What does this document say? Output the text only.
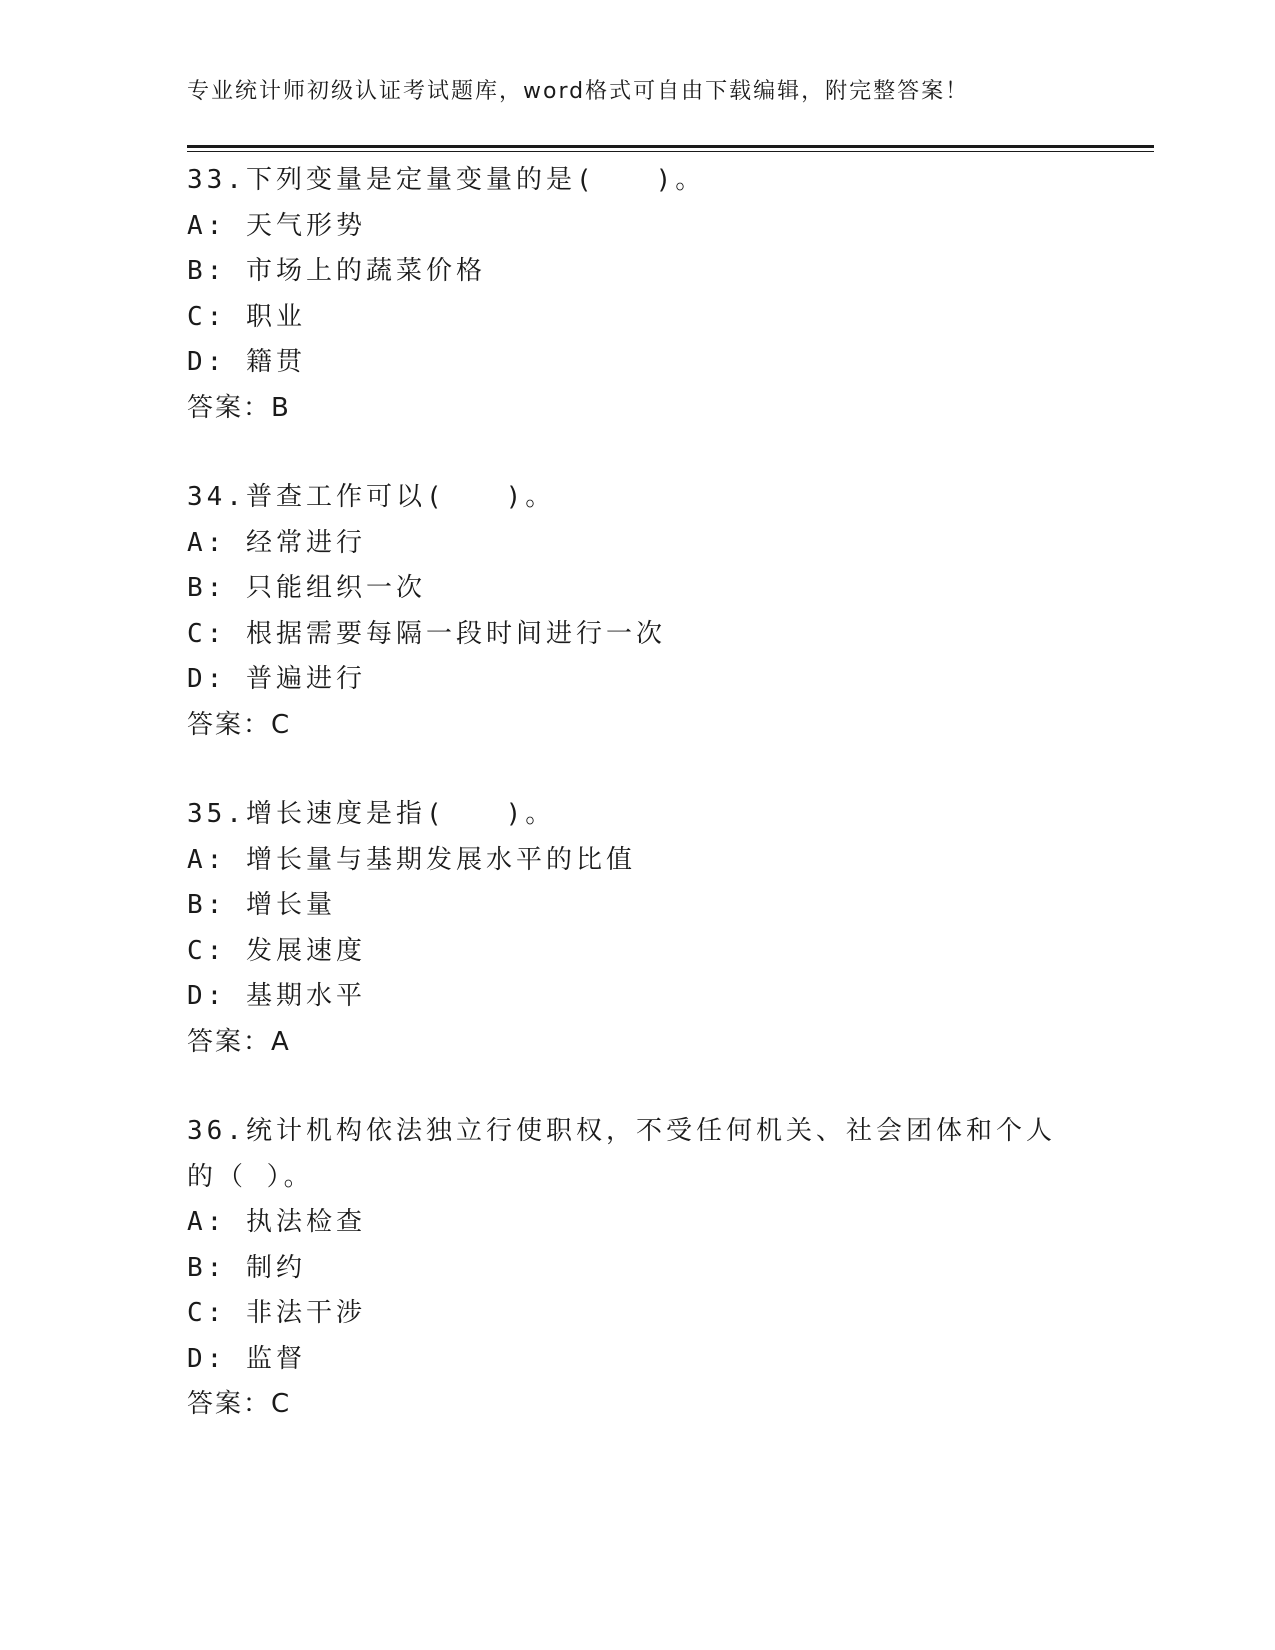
专业统计师初级认证考试题库，word格式可自由下载编辑，附完整答案！
33.下列变量是定量变量的是(　　)。
A: 天气形势
B: 市场上的蔬菜价格
C: 职业
D: 籍贯
答案：B
34.普查工作可以(　　)。
A: 经常进行
B: 只能组织一次
C: 根据需要每隔一段时间进行一次
D: 普遍进行
答案：C
35.增长速度是指(　　)。
A: 增长量与基期发展水平的比值
B: 增长量
C: 发展速度
D: 基期水平
答案：A
36.统计机构依法独立行使职权，不受任何机关、社会团体和个人的（ ）。
A: 执法检查
B: 制约
C: 非法干涉
D: 监督
答案：C
